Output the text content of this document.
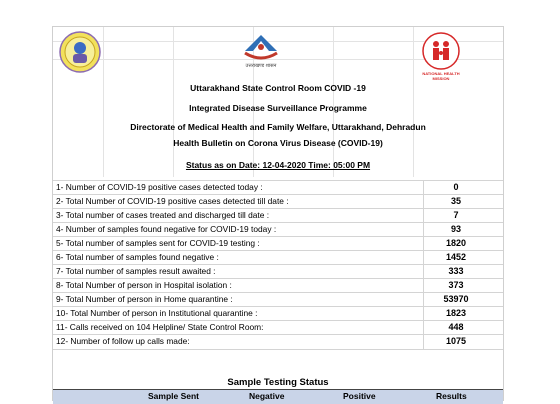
उत्तराखण्ड शासन
NATIONAL HEALTH MISSION
Uttarakhand State Control Room COVID -19
Integrated Disease Surveillance Programme
Directorate of Medical Health and Family Welfare, Uttarakhand, Dehradun
Health Bulletin on Corona Virus Disease (COVID-19)
Status as on Date: 12-04-2020 Time: 05:00 PM
1- Number of COVID-19 positive cases detected today :	0
2- Total Number of COVID-19 positive cases detected till date :	35
3- Total number of cases treated and discharged till date :	7
4- Number of samples found negative for COVID-19 today :	93
5- Total number of samples sent for COVID-19 testing :	1820
6- Total number of samples found negative :	1452
7- Total number of samples result awaited :	333
8- Total Number of person in Hospital isolation :	373
9- Total Number of person in Home quarantine :	53970
10- Total Number of person in Institutional quarantine :	1823
11- Calls received on 104 Helpline/ State Control Room:	448
12- Number of follow up calls made:	1075
Sample Testing Status
Sample Sent	Negative	Positive	Results
